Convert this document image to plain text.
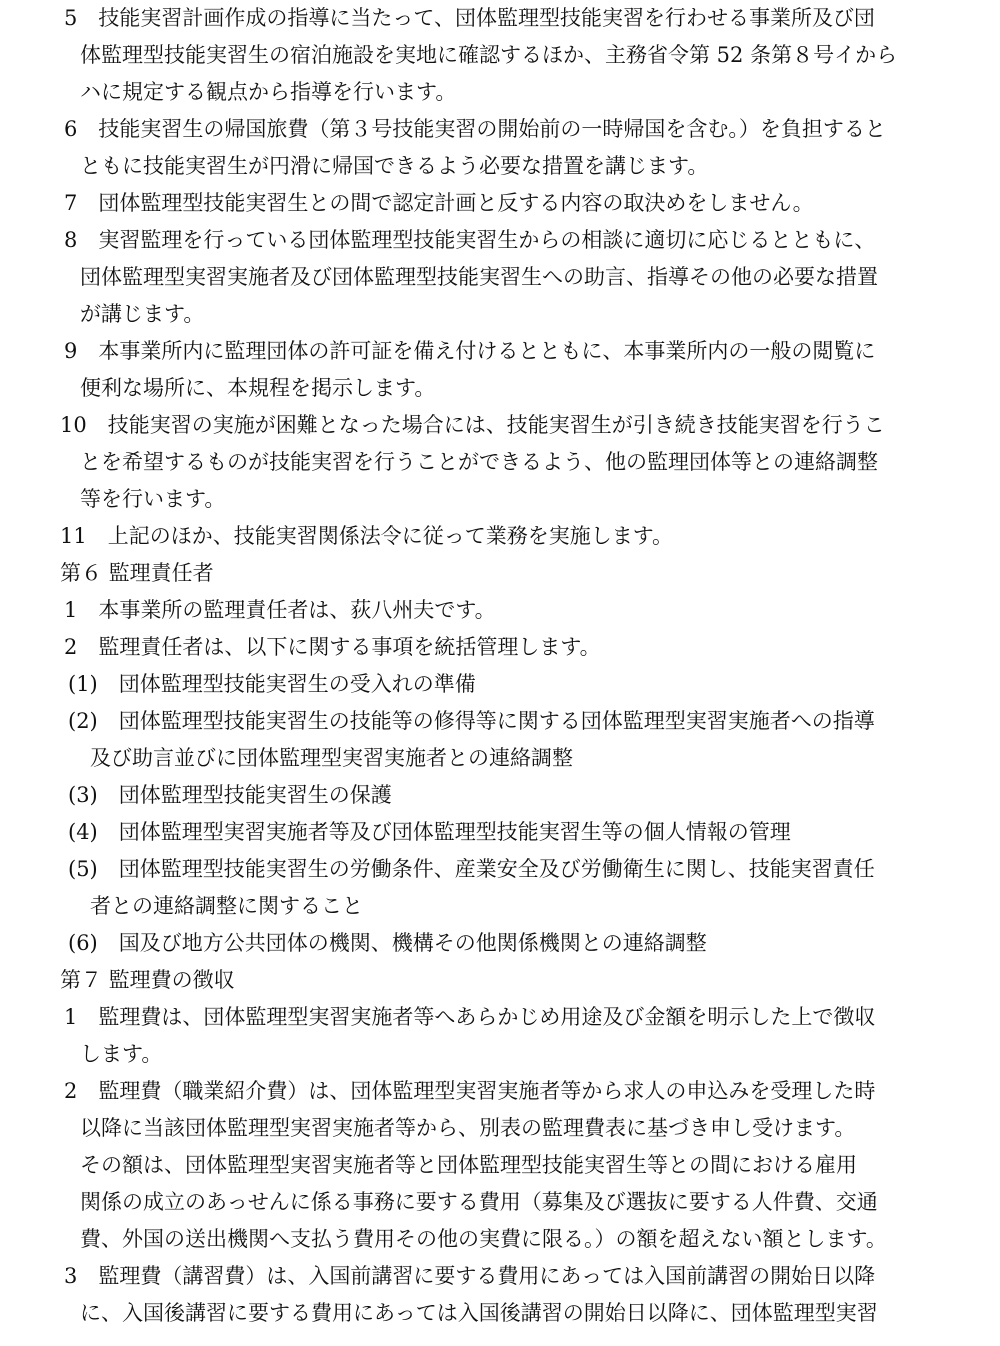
5　技能実習計画作成の指導に当たって、団体監理型技能実習を行わせる事業所及び団
体監理型技能実習生の宿泊施設を実地に確認するほか、主務省令第 52 条第８号イから
ハに規定する観点から指導を行います。
6　技能実習生の帰国旅費（第３号技能実習の開始前の一時帰国を含む。）を負担すると
ともに技能実習生が円滑に帰国できるよう必要な措置を講じます。
7　団体監理型技能実習生との間で認定計画と反する内容の取決めをしません。
8　実習監理を行っている団体監理型技能実習生からの相談に適切に応じるとともに、
団体監理型実習実施者及び団体監理型技能実習生への助言、指導その他の必要な措置
が講じます。
9　本事業所内に監理団体の許可証を備え付けるとともに、本事業所内の一般の閲覧に
便利な場所に、本規程を掲示します。
10　技能実習の実施が困難となった場合には、技能実習生が引き続き技能実習を行うこ
とを希望するものが技能実習を行うことができるよう、他の監理団体等との連絡調整
等を行います。
11　上記のほか、技能実習関係法令に従って業務を実施します。
第６ 監理責任者
1　本事業所の監理責任者は、荻八州夫です。
2　監理責任者は、以下に関する事項を統括管理します。
(1)　団体監理型技能実習生の受入れの準備
(2)　団体監理型技能実習生の技能等の修得等に関する団体監理型実習実施者への指導
及び助言並びに団体監理型実習実施者との連絡調整
(3)　団体監理型技能実習生の保護
(4)　団体監理型実習実施者等及び団体監理型技能実習生等の個人情報の管理
(5)　団体監理型技能実習生の労働条件、産業安全及び労働衛生に関し、技能実習責任
者との連絡調整に関すること
(6)　国及び地方公共団体の機関、機構その他関係機関との連絡調整
第７ 監理費の徴収
1　監理費は、団体監理型実習実施者等へあらかじめ用途及び金額を明示した上で徴収
します。
2　監理費（職業紹介費）は、団体監理型実習実施者等から求人の申込みを受理した時
以降に当該団体監理型実習実施者等から、別表の監理費表に基づき申し受けます。
その額は、団体監理型実習実施者等と団体監理型技能実習生等との間における雇用
関係の成立のあっせんに係る事務に要する費用（募集及び選抜に要する人件費、交通
費、外国の送出機関へ支払う費用その他の実費に限る。）の額を超えない額とします。
3　監理費（講習費）は、入国前講習に要する費用にあっては入国前講習の開始日以降
に、入国後講習に要する費用にあっては入国後講習の開始日以降に、団体監理型実習
